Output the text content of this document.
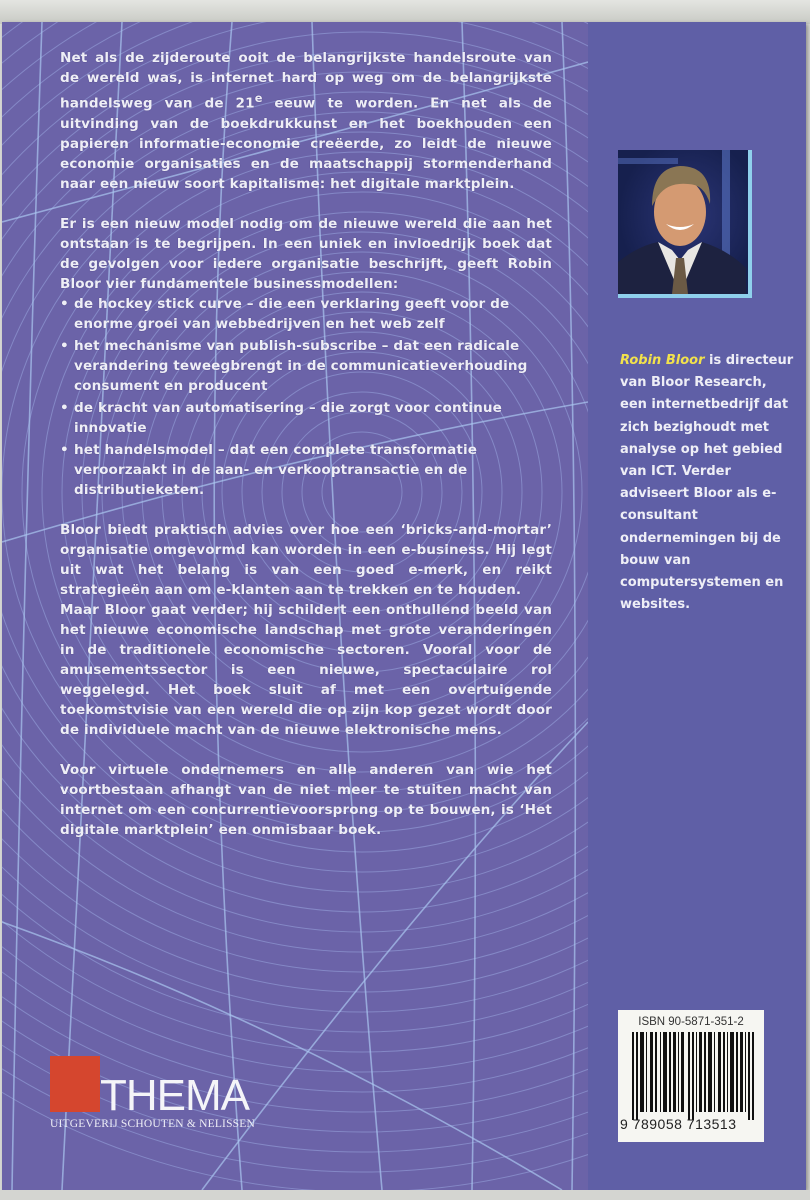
Net als de zijderoute ooit de belangrijkste handelsroute van de wereld was, is internet hard op weg om de belangrijkste handelsweg van de 21e eeuw te worden. En net als de uitvinding van de boekdrukkunst en het boekhouden een papieren informatie-economie creëerde, zo leidt de nieuwe economie organisaties en de maatschappij stormenderhand naar een nieuw soort kapitalisme: het digitale marktplein.

Er is een nieuw model nodig om de nieuwe wereld die aan het ontstaan is te begrijpen. In een uniek en invloedrijk boek dat de gevolgen voor iedere organisatie beschrijft, geeft Robin Bloor vier fundamentele businessmodellen:

• de hockey stick curve – die een verklaring geeft voor de enorme groei van webbedrijven en het web zelf
• het mechanisme van publish-subscribe – dat een radicale verandering teweegbrengt in de communicatieverhouding consument en producent
• de kracht van automatisering – die zorgt voor continue innovatie
• het handelsmodel – dat een complete transformatie veroorzaakt in de aan- en verkooptransactie en de distributieketen.

Bloor biedt praktisch advies over hoe een ‘bricks-and-mortar’ organisatie omgevormd kan worden in een e-business. Hij legt uit wat het belang is van een goed e-merk, en reikt strategieën aan om e-klanten aan te trekken en te houden.

Maar Bloor gaat verder; hij schildert een onthullend beeld van het nieuwe economische landschap met grote veranderingen in de traditionele economische sectoren. Vooral voor de amusementssector is een nieuwe, spectaculaire rol weggelegd. Het boek sluit af met een overtuigende toekomstvisie van een wereld die op zijn kop gezet wordt door de individuele macht van de nieuwe elektronische mens.

Voor virtuele ondernemers en alle anderen van wie het voortbestaan afhangt van de niet meer te stuiten macht van internet om een concurrentievoorsprong op te bouwen, is ‘Het digitale marktplein’ een onmisbaar boek.

THEMA
UITGEVERIJ SCHOUTEN & NELISSEN
Robin Bloor is directeur van Bloor Research, een internetbedrijf dat zich bezighoudt met analyse op het gebied van ICT. Verder adviseert Bloor als e-consultant ondernemingen bij de bouw van computersystemen en websites.
ISBN 90-5871-351-2
9 789058 713513
